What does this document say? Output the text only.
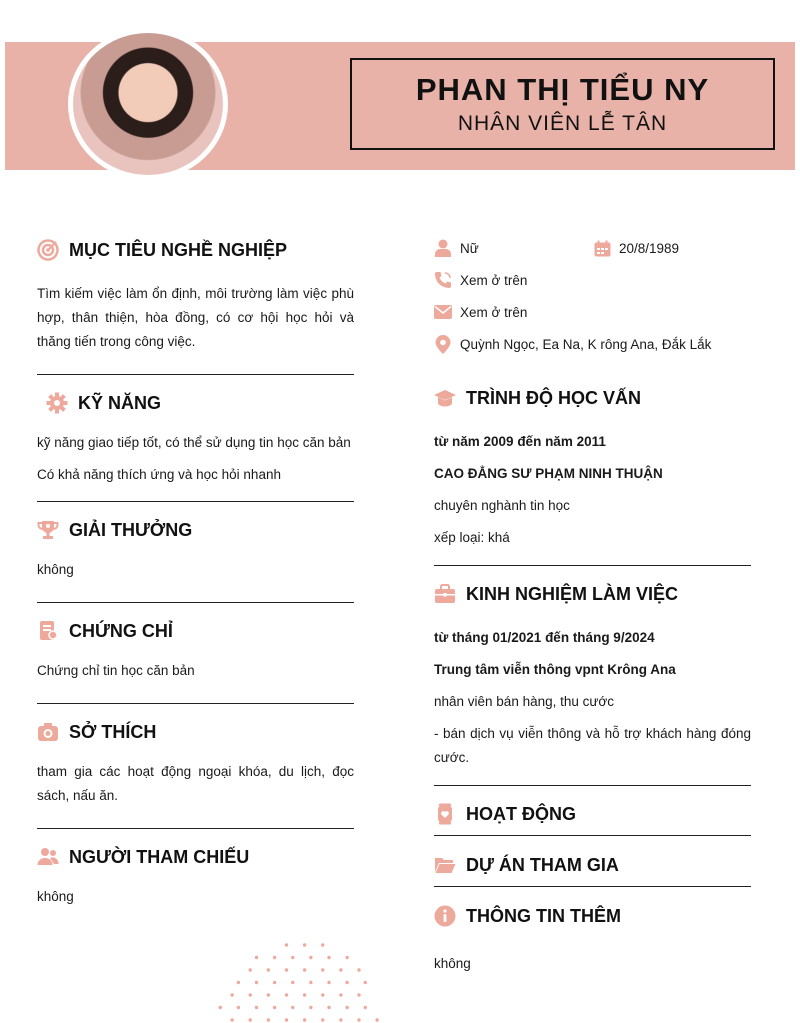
PHAN THỊ TIỂU NY
NHÂN VIÊN LỄ TÂN
MỤC TIÊU NGHỀ NGHIỆP
Tìm kiếm việc làm ổn định, môi trường làm việc phù hợp, thân thiện, hòa đồng, có cơ hội học hỏi và thăng tiến trong công việc.
KỸ NĂNG
kỹ năng giao tiếp tốt, có thể sử dụng tin học căn bản
Có khả năng thích ứng và học hỏi nhanh
GIẢI THƯỞNG
không
CHỨNG CHỈ
Chứng chỉ tin học căn bản
SỞ THÍCH
tham gia các hoạt động ngoại khóa, du lịch, đọc sách, nấu ăn.
NGƯỜI THAM CHIẾU
không
Nữ	20/8/1989
Xem ở trên
Xem ở trên
Quỳnh Ngọc, Ea Na, K rông Ana, Đắk Lắk
TRÌNH ĐỘ HỌC VẤN
từ năm 2009 đến năm 2011
CAO ĐẲNG SƯ PHẠM NINH THUẬN
chuyên nghành tin học
xếp loại: khá
KINH NGHIỆM LÀM VIỆC
từ tháng 01/2021 đến tháng 9/2024
Trung tâm viễn thông vpnt Krông Ana
nhân viên bán hàng, thu cước
- bán dịch vụ viễn thông và hỗ trợ khách hàng đóng cước.
HOẠT ĐỘNG
DỰ ÁN THAM GIA
THÔNG TIN THÊM
không
